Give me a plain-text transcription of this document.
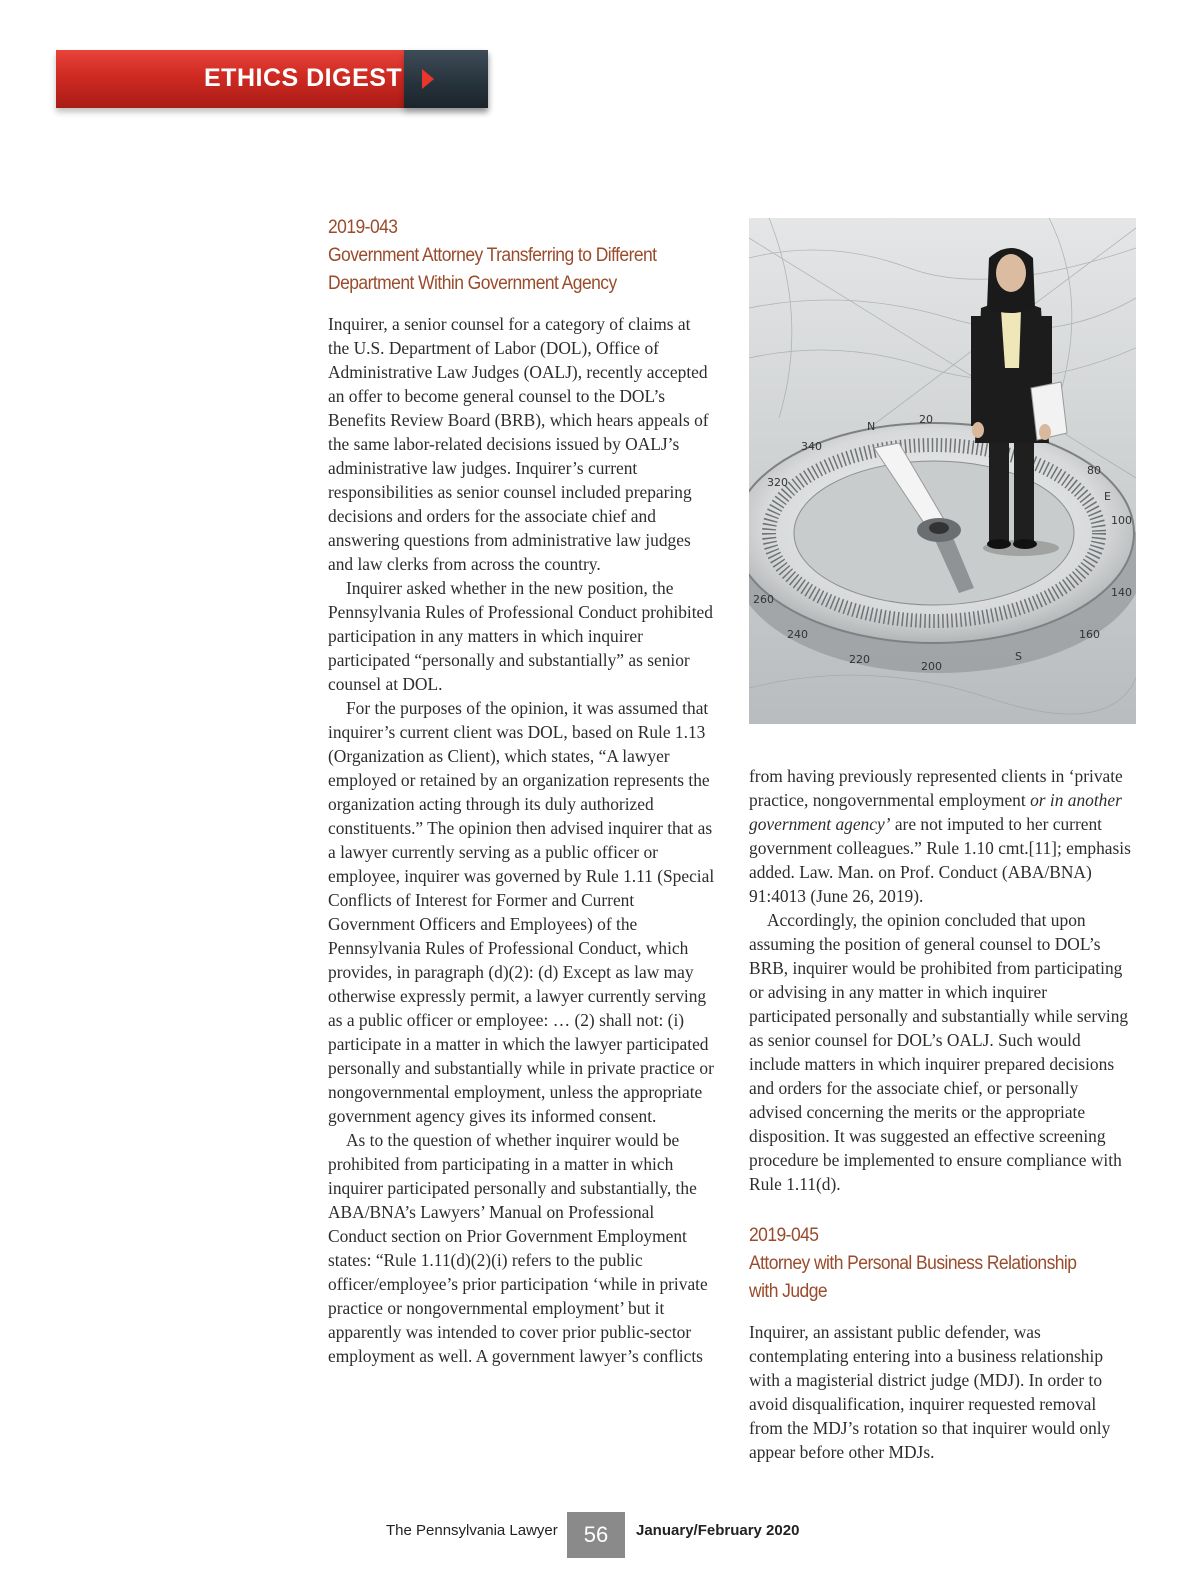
ETHICS DIGEST
2019-043
Government Attorney Transferring to Different Department Within Government Agency

Inquirer, a senior counsel for a category of claims at the U.S. Department of Labor (DOL), Office of Administrative Law Judges (OALJ), recently accepted an offer to become general counsel to the DOL’s Benefits Review Board (BRB), which hears appeals of the same labor-related decisions issued by OALJ’s administrative law judges. Inquirer’s current responsibilities as senior counsel included preparing decisions and orders for the associate chief and answering questions from administrative law judges and law clerks from across the country.

Inquirer asked whether in the new position, the Pennsylvania Rules of Professional Conduct prohibited participation in any matters in which inquirer participated “personally and substantially” as senior counsel at DOL.

For the purposes of the opinion, it was assumed that inquirer’s current client was DOL, based on Rule 1.13 (Organization as Client), which states, “A lawyer employed or retained by an organization represents the organization acting through its duly authorized constituents.” The opinion then advised inquirer that as a lawyer currently serving as a public officer or employee, inquirer was governed by Rule 1.11 (Special Conflicts of Interest for Former and Current Government Officers and Employees) of the Pennsylvania Rules of Professional Conduct, which provides, in paragraph (d)(2): (d) Except as law may otherwise expressly permit, a lawyer currently serving as a public officer or employee: … (2) shall not: (i) participate in a matter in which the lawyer participated personally and substantially while in private practice or nongovernmental employment, unless the appropriate government agency gives its informed consent.

As to the question of whether inquirer would be prohibited from participating in a matter in which inquirer participated personally and substantially, the ABA/BNA’s Lawyers’ Manual on Professional Conduct section on Prior Government Employment states: “Rule 1.11(d)(2)(i) refers to the public officer/employee’s prior participation ‘while in private practice or nongovernmental employment’ but it apparently was intended to cover prior public-sector employment as well. A government lawyer’s conflicts

N
20
340
320
80
E
100
140
160
S
200
220
240
260

from having previously represented clients in ‘private practice, nongovernmental employment or in another government agency’ are not imputed to her current government colleagues.” Rule 1.10 cmt.[11]; emphasis added. Law. Man. on Prof. Conduct (ABA/BNA) 91:4013 (June 26, 2019).

Accordingly, the opinion concluded that upon assuming the position of general counsel to DOL’s BRB, inquirer would be prohibited from participating or advising in any matter in which inquirer participated personally and substantially while serving as senior counsel for DOL’s OALJ. Such would include matters in which inquirer prepared decisions and orders for the associate chief, or personally advised concerning the merits or the appropriate disposition. It was suggested an effective screening procedure be implemented to ensure compliance with Rule 1.11(d).

2019-045
Attorney with Personal Business Relationship with Judge

Inquirer, an assistant public defender, was contemplating entering into a business relationship with a magisterial district judge (MDJ). In order to avoid disqualification, inquirer requested removal from the MDJ’s rotation so that inquirer would only appear before other MDJs.

The Pennsylvania Lawyer	56	January/February 2020
